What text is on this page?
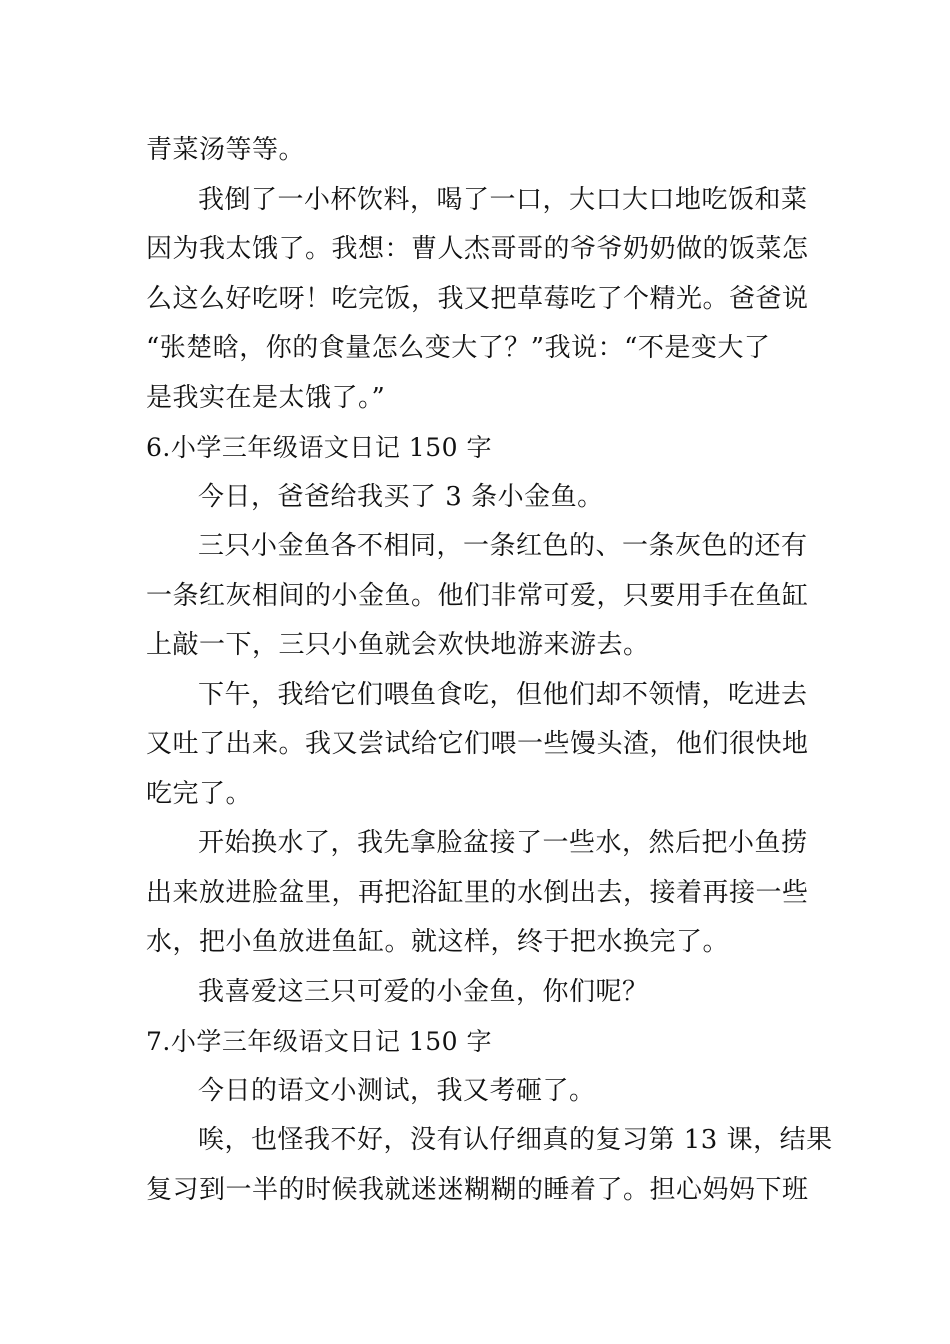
青菜汤等等。
我倒了一小杯饮料，喝了一口，大口大口地吃饭和菜
因为我太饿了。我想：曹人杰哥哥的爷爷奶奶做的饭菜怎
么这么好吃呀！吃完饭，我又把草莓吃了个精光。爸爸说
“张楚晗，你的食量怎么变大了？”我说：“不是变大了
是我实在是太饿了。”
6.小学三年级语文日记 150 字
今日，爸爸给我买了 3 条小金鱼。
三只小金鱼各不相同，一条红色的、一条灰色的还有
一条红灰相间的小金鱼。他们非常可爱，只要用手在鱼缸
上敲一下，三只小鱼就会欢快地游来游去。
下午，我给它们喂鱼食吃，但他们却不领情，吃进去
又吐了出来。我又尝试给它们喂一些馒头渣，他们很快地
吃完了。
开始换水了，我先拿脸盆接了一些水，然后把小鱼捞
出来放进脸盆里，再把浴缸里的水倒出去，接着再接一些
水，把小鱼放进鱼缸。就这样，终于把水换完了。
我喜爱这三只可爱的小金鱼，你们呢？
7.小学三年级语文日记 150 字
今日的语文小测试，我又考砸了。
唉，也怪我不好，没有认仔细真的复习第 13 课，结果
复习到一半的时候我就迷迷糊糊的睡着了。担心妈妈下班
